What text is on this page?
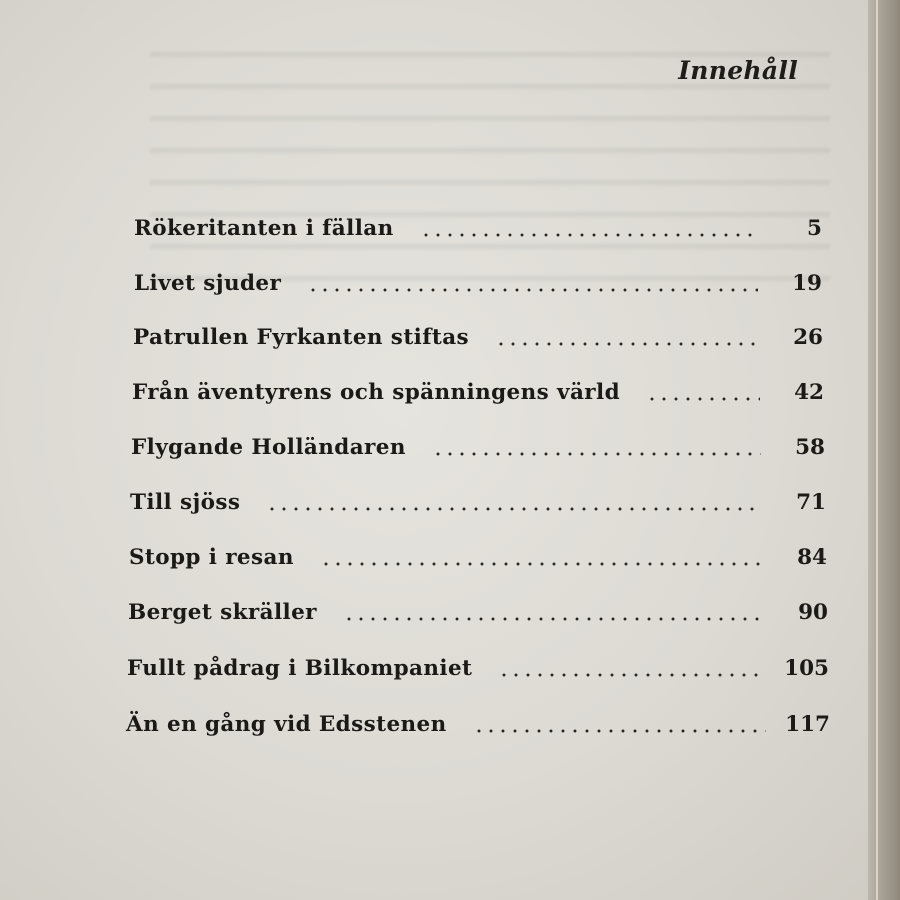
Innehåll
Rökeritanten i fällan	5
Livet sjuder	19
Patrullen Fyrkanten stiftas	26
Från äventyrens och spänningens värld	42
Flygande Holländaren	58
Till sjöss	71
Stopp i resan	84
Berget skräller	90
Fullt pådrag i Bilkompaniet	105
Än en gång vid Edsstenen	117
